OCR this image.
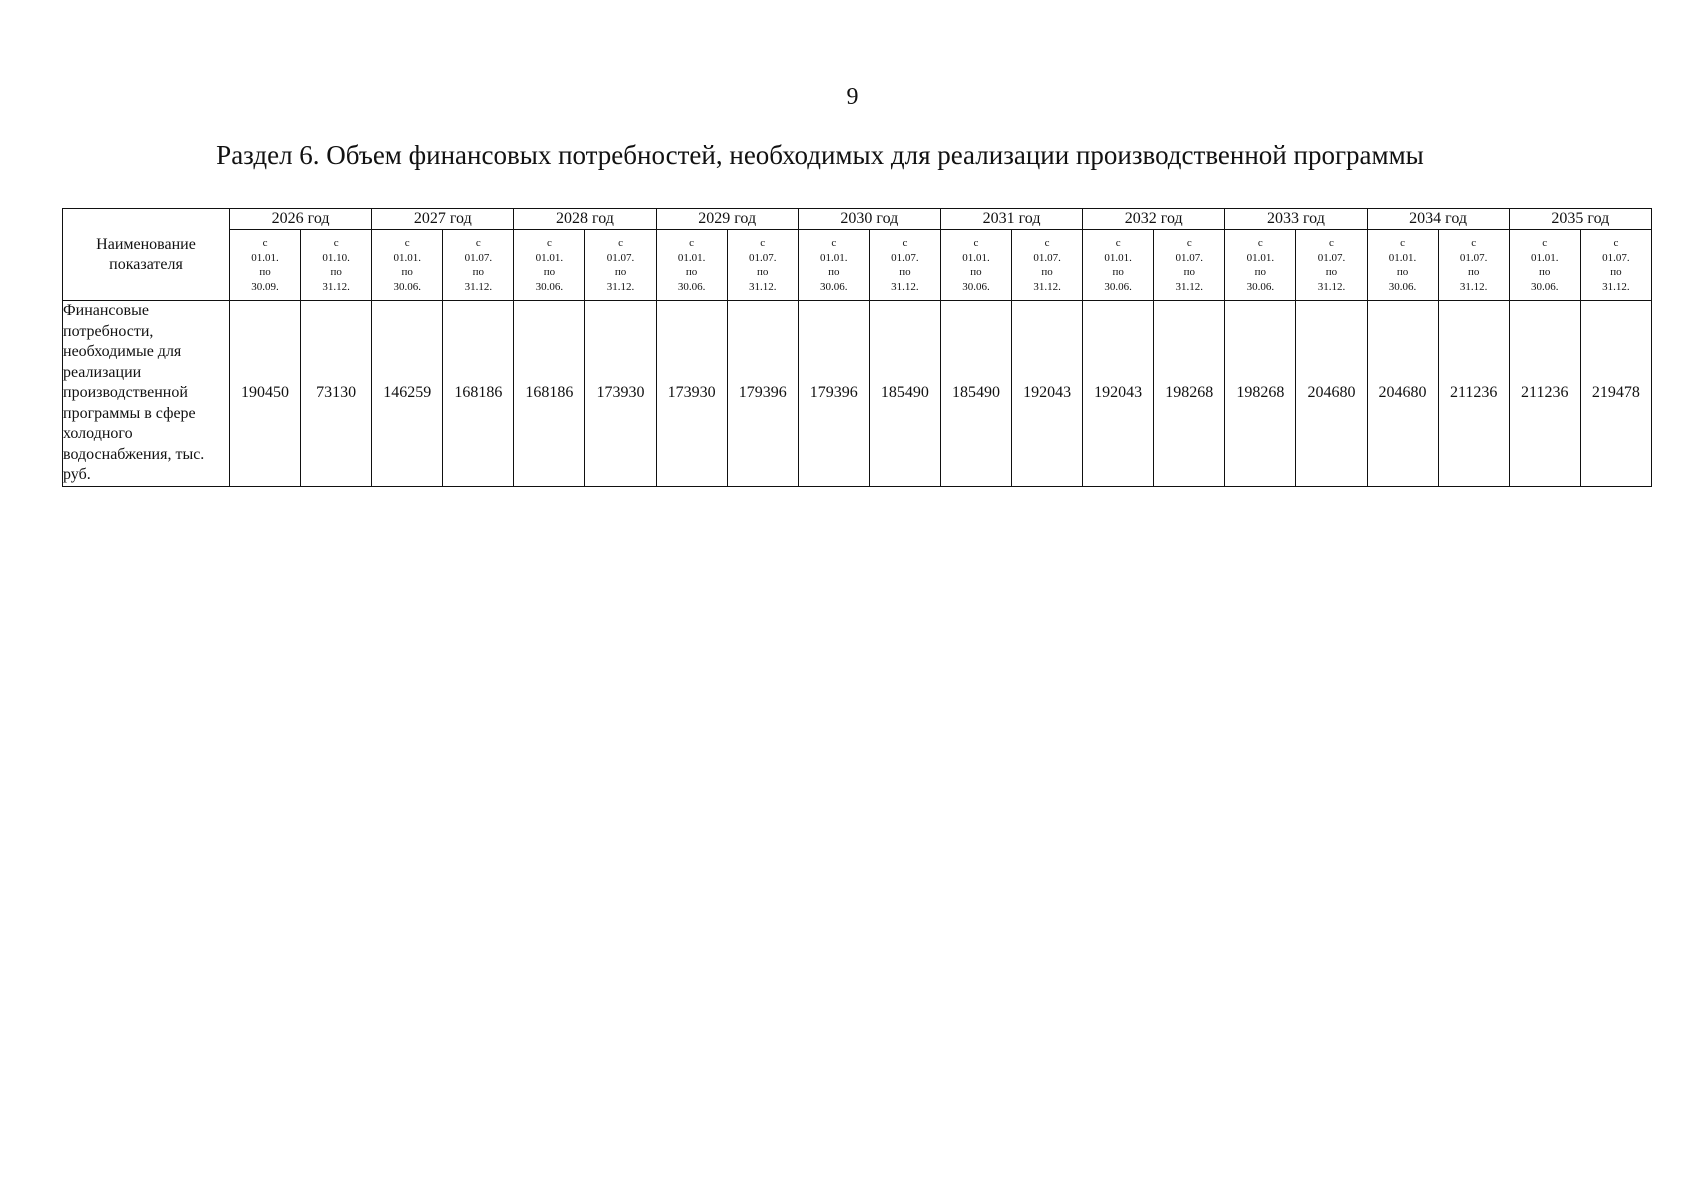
9
Раздел 6. Объем финансовых потребностей, необходимых для реализации производственной программы
Наименование показателя	2026 год		2027 год		2028 год		2029 год		2030 год		2031 год		2032 год		2033 год		2034 год		2035 год	

	с
01.01.
по
30.09.	с
01.10.
по
31.12.	с
01.01.
по
30.06.	с
01.07.
по
31.12.	с
01.01.
по
30.06.	с
01.07.
по
31.12.	с
01.01.
по
30.06.	с
01.07.
по
31.12.	с
01.01.
по
30.06.	с
01.07.
по
31.12.	с
01.01.
по
30.06.	с
01.07.
по
31.12.	с
01.01.
по
30.06.	с
01.07.
по
31.12.	с
01.01.
по
30.06.	с
01.07.
по
31.12.	с
01.01.
по
30.06.	с
01.07.
по
31.12.	с
01.01.
по
30.06.	с
01.07.
по
31.12.

Финансовые потребности, необходимые для реализации производственной программы в сфере холодного водоснабжения, тыс. руб.	190450	73130	146259	168186	168186	173930	173930	179396	179396	185490	185490	192043	192043	198268	198268	204680	204680	211236	211236	219478
